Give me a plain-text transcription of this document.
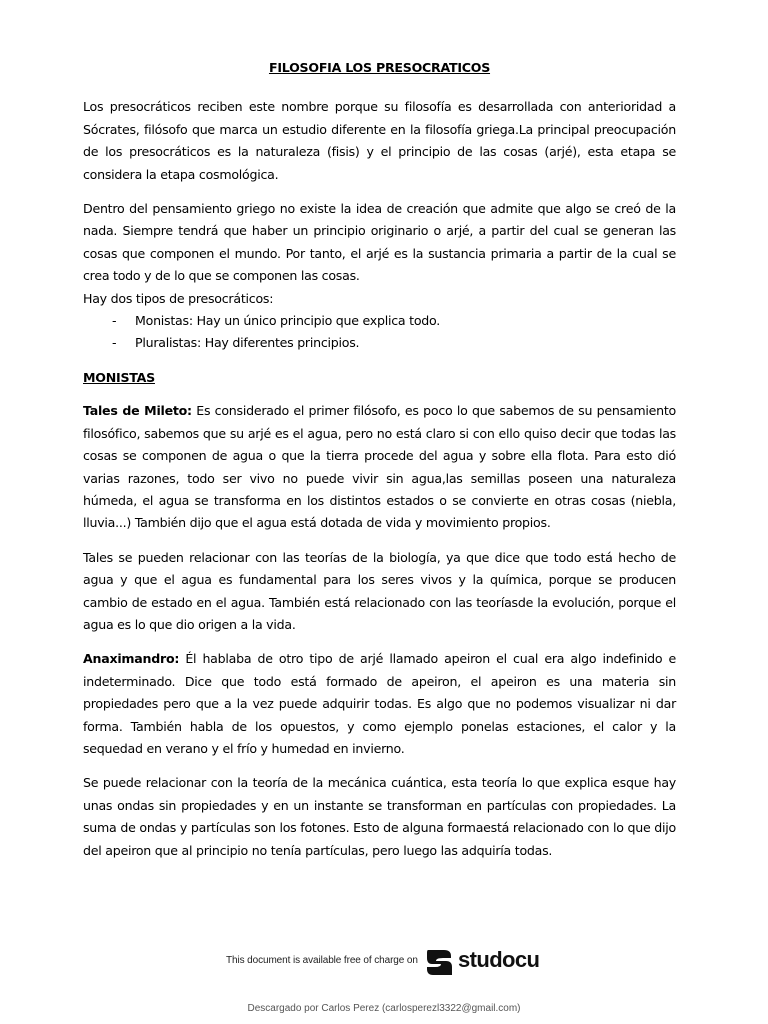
FILOSOFIA LOS PRESOCRATICOS

Los presocráticos reciben este nombre porque su filosofía es desarrollada con anterioridad a Sócrates, filósofo que marca un estudio diferente en la filosofía griega.La principal preocupación de los presocráticos es la naturaleza (fisis) y el principio de las cosas (arjé), esta etapa se considera la etapa cosmológica.

Dentro del pensamiento griego no existe la idea de creación que admite que algo se creó de la nada. Siempre tendrá que haber un principio originario o arjé, a partir del cual se generan las cosas que componen el mundo. Por tanto, el arjé es la sustancia primaria a partir de la cual se crea todo y de lo que se componen las cosas.

Hay dos tipos de presocráticos:

- Monistas: Hay un único principio que explica todo.
- Pluralistas: Hay diferentes principios.
MONISTAS

Tales de Mileto: Es considerado el primer filósofo, es poco lo que sabemos de su pensamiento filosófico, sabemos que su arjé es el agua, pero no está claro si con ello quiso decir que todas las cosas se componen de agua o que la tierra procede del agua y sobre ella flota. Para esto dió varias razones, todo ser vivo no puede vivir sin agua,las semillas poseen una naturaleza húmeda, el agua se transforma en los distintos estados o se convierte en otras cosas (niebla, lluvia...) También dijo que el agua está dotada de vida y movimiento propios.

Tales se pueden relacionar con las teorías de la biología, ya que dice que todo está hecho de agua y que el agua es fundamental para los seres vivos y la química, porque se producen cambio de estado en el agua. También está relacionado con las teoríasde la evolución, porque el agua es lo que dio origen a la vida.

Anaximandro: Él hablaba de otro tipo de arjé llamado apeiron el cual era algo indefinido e indeterminado. Dice que todo está formado de apeiron, el apeiron es una materia sin propiedades pero que a la vez puede adquirir todas. Es algo que no podemos visualizar ni dar forma. También habla de los opuestos, y como ejemplo ponelas estaciones, el calor y la sequedad en verano y el frío y humedad en invierno.

Se puede relacionar con la teoría de la mecánica cuántica, esta teoría lo que explica esque hay unas ondas sin propiedades y en un instante se transforman en partículas con propiedades. La suma de ondas y partículas son los fotones. Esto de alguna formaestá relacionado con lo que dijo del apeiron que al principio no tenía partículas, pero luego las adquiría todas.

This document is available free of charge on studocu
Descargado por Carlos Perez (carlosperezl3322@gmail.com)
